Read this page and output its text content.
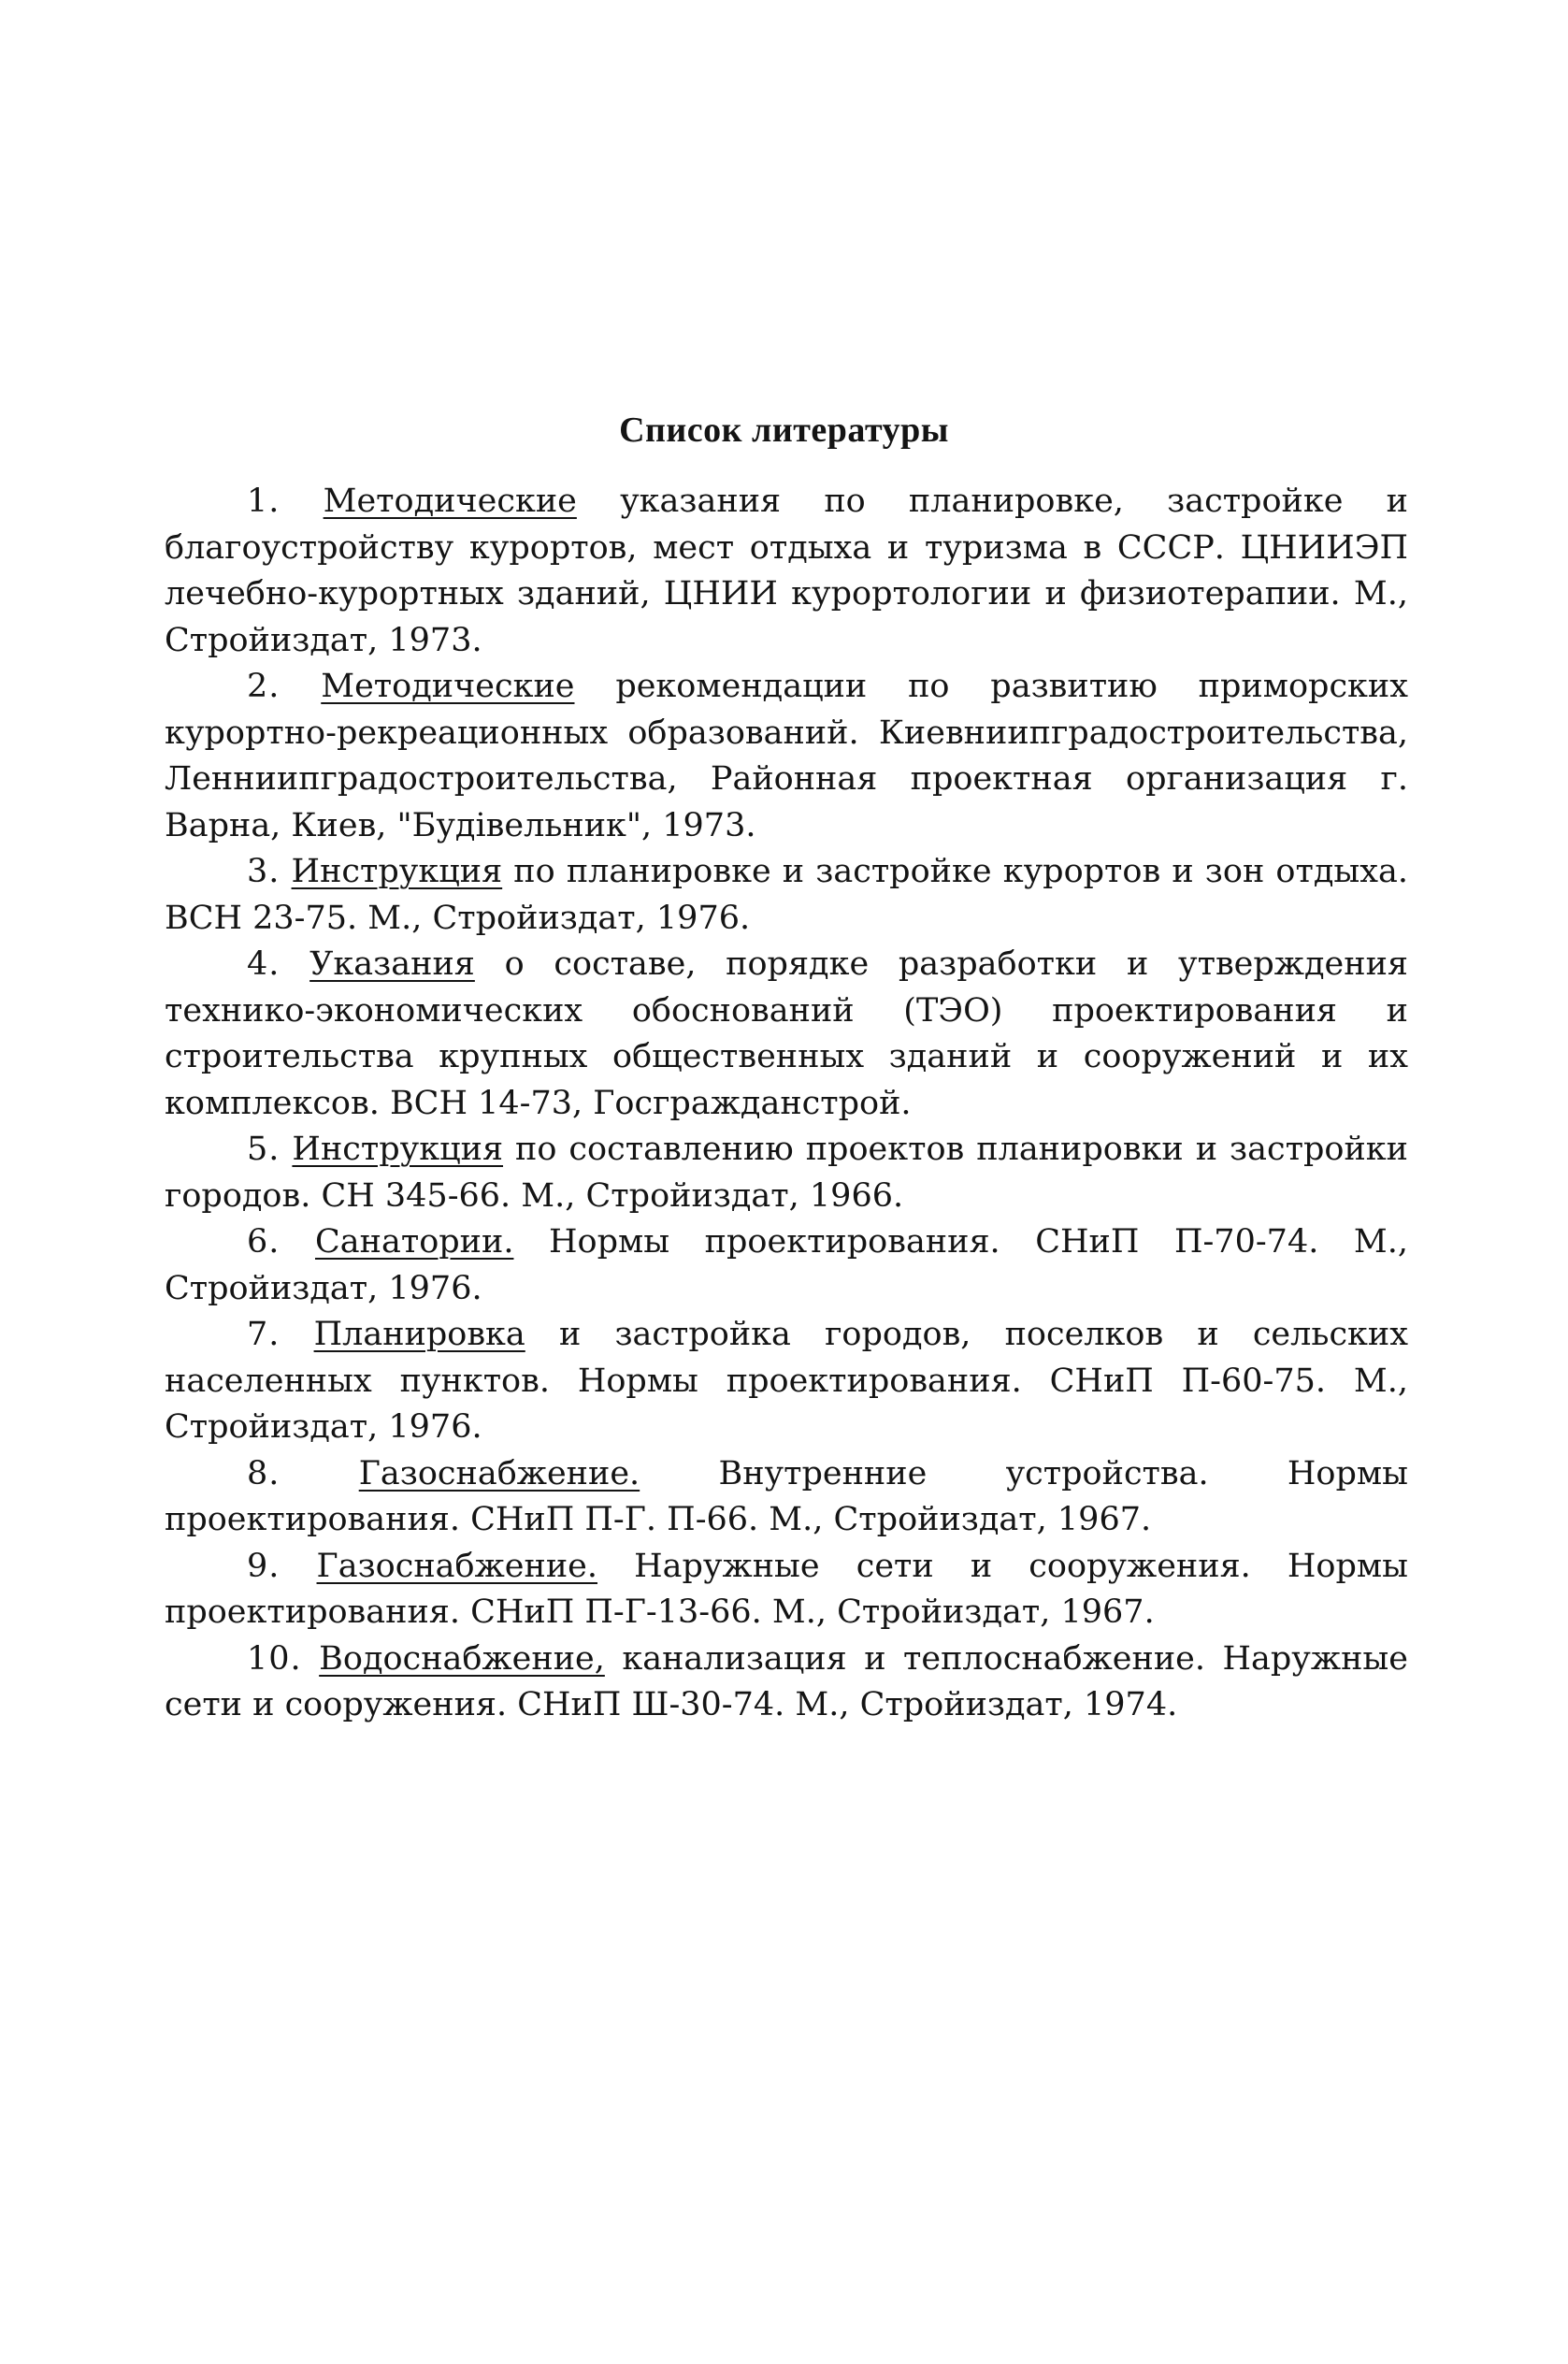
Список литературы

1. Методические указания по планировке, застройке и благоустройству курортов, мест отдыха и туризма в СССР. ЦНИИЭП лечебно-курортных зданий, ЦНИИ курортологии и физиотерапии. М., Стройиздат, 1973.

2. Методические рекомендации по развитию приморских курортно-рекреационных образований. Киевниипградостроительства, Ленниипградостроительства, Районная проектная организация г. Варна, Киев, "Будiвельник", 1973.

3. Инструкция по планировке и застройке курортов и зон отдыха. ВСН 23-75. М., Стройиздат, 1976.

4. Указания о составе, порядке разработки и утверждения технико-экономических обоснований (ТЭО) проектирования и строительства крупных общественных зданий и сооружений и их комплексов. ВСН 14-73, Госгражданстрой.

5. Инструкция по составлению проектов планировки и застройки городов. СН 345-66. М., Стройиздат, 1966.

6. Санатории. Нормы проектирования. СНиП П-70-74. М., Стройиздат, 1976.

7. Планировка и застройка городов, поселков и сельских населенных пунктов. Нормы проектирования. СНиП П-60-75. М., Стройиздат, 1976.

8. Газоснабжение. Внутренние устройства. Нормы проектирования. СНиП П-Г. П-66. М., Стройиздат, 1967.

9. Газоснабжение. Наружные сети и сооружения. Нормы проектирования. СНиП П-Г-13-66. М., Стройиздат, 1967.

10. Водоснабжение, канализация и теплоснабжение. Наружные сети и сооружения. СНиП Ш-30-74. М., Стройиздат, 1974.
